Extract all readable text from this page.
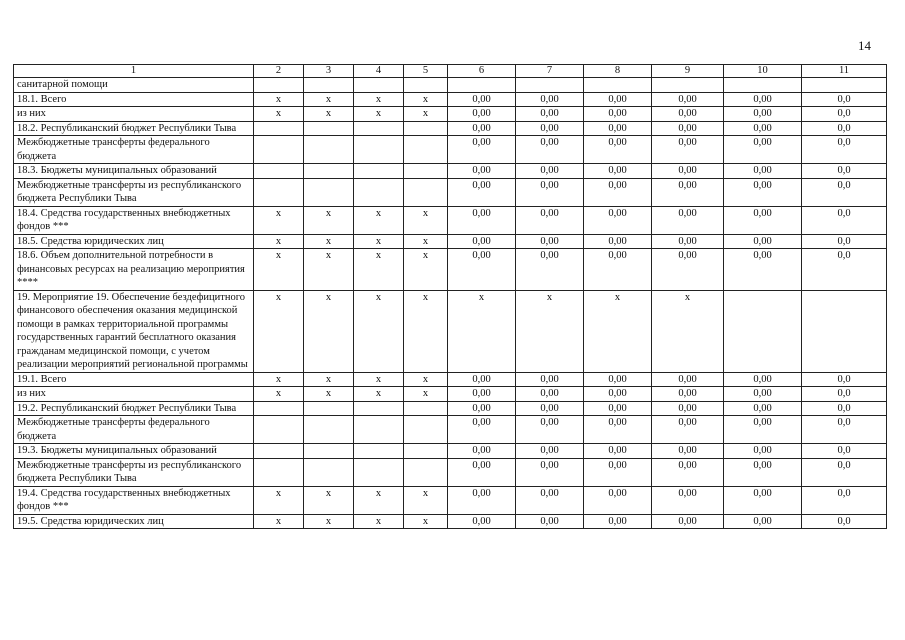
14
1	2	3	4	5	6	7	8	9	10	11
санитарной помощи										
18.1. Всего	x	x	x	x	0,00	0,00	0,00	0,00	0,00	0,0
из них	x	x	x	x	0,00	0,00	0,00	0,00	0,00	0,0
18.2. Республиканский бюджет Республики Тыва					0,00	0,00	0,00	0,00	0,00	0,0
Межбюджетные трансферты федерального бюджета					0,00	0,00	0,00	0,00	0,00	0,0
18.3. Бюджеты муниципальных образований					0,00	0,00	0,00	0,00	0,00	0,0
Межбюджетные трансферты из республиканского бюджета Республики Тыва					0,00	0,00	0,00	0,00	0,00	0,0
18.4. Средства государственных внебюджетных фондов ***	x	x	x	x	0,00	0,00	0,00	0,00	0,00	0,0
18.5. Средства юридических лиц	x	x	x	x	0,00	0,00	0,00	0,00	0,00	0,0
18.6. Объем дополнительной потребности в финансовых ресурсах на реализацию мероприятия ****	x	x	x	x	0,00	0,00	0,00	0,00	0,00	0,0
19. Мероприятие 19. Обеспечение бездефицитного финансового обеспечения оказания медицинской помощи в рамках территориальной программы государственных гарантий бесплатного оказания гражданам медицинской помощи, с учетом реализации мероприятий региональной программы	x	x	x	x	x	x	x	x		
19.1. Всего	x	x	x	x	0,00	0,00	0,00	0,00	0,00	0,0
из них	x	x	x	x	0,00	0,00	0,00	0,00	0,00	0,0
19.2. Республиканский бюджет Республики Тыва					0,00	0,00	0,00	0,00	0,00	0,0
Межбюджетные трансферты федерального бюджета					0,00	0,00	0,00	0,00	0,00	0,0
19.3. Бюджеты муниципальных образований					0,00	0,00	0,00	0,00	0,00	0,0
Межбюджетные трансферты из республиканского бюджета Республики Тыва					0,00	0,00	0,00	0,00	0,00	0,0
19.4. Средства государственных внебюджетных фондов ***	x	x	x	x	0,00	0,00	0,00	0,00	0,00	0,0
19.5. Средства юридических лиц	x	x	x	x	0,00	0,00	0,00	0,00	0,00	0,0
